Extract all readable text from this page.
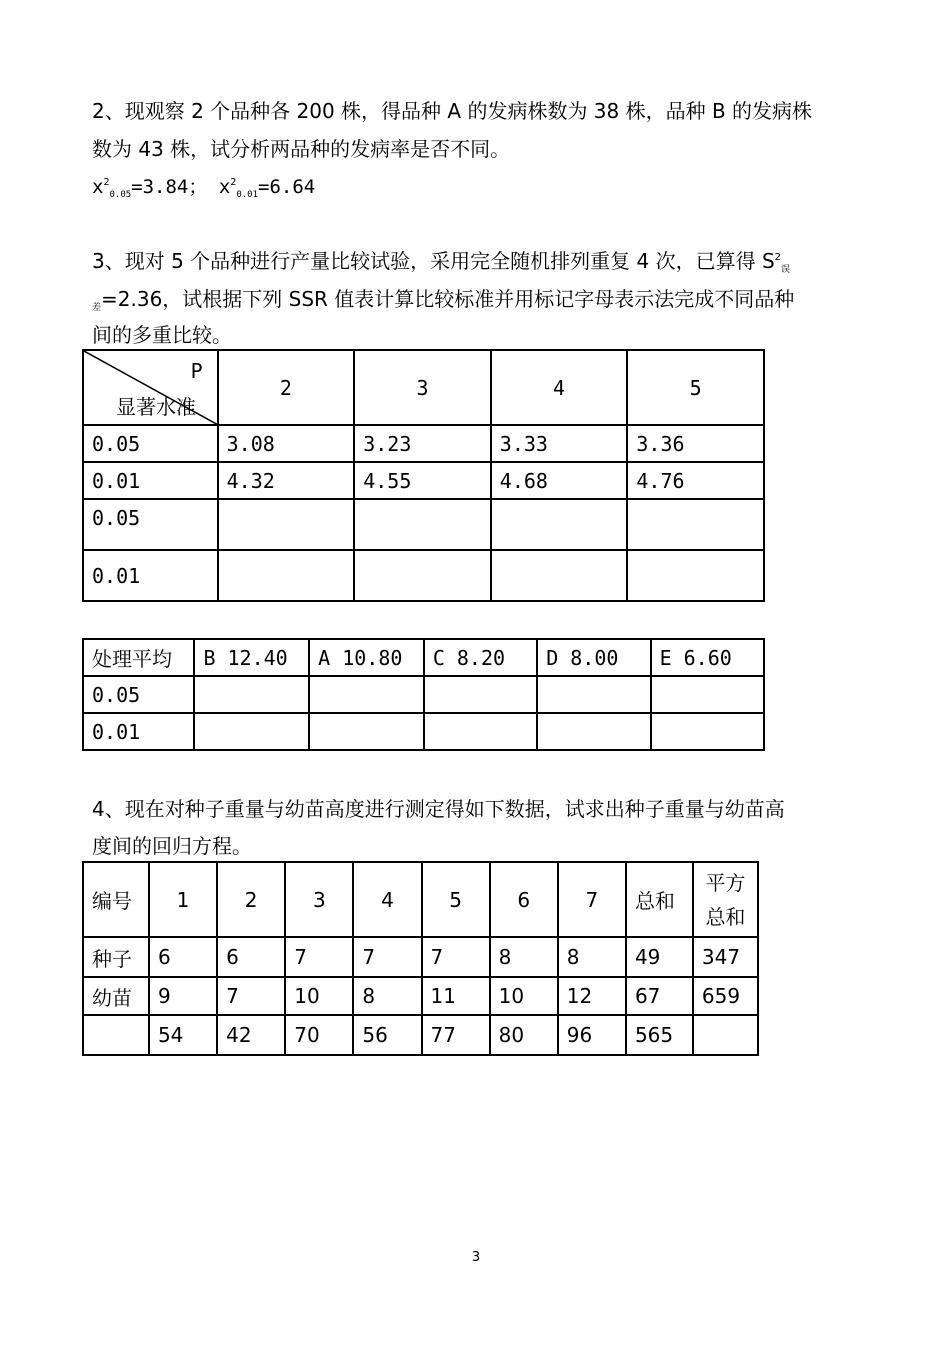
2、现观察 2 个品种各 200 株，得品种 A 的发病株数为 38 株，品种 B 的发病株

数为 43 株，试分析两品种的发病率是否不同。

$x^2_{0.05}=3.84$； $x^2_{0.01}=6.64$

3、现对 5 个品种进行产量比较试验，采用完全随机排列重复 4 次，已算得 $S^2_误$

$_差$=2.36，试根据下列 SSR 值表计算比较标准并用标记字母表示法完成不同品种

间的多重比较。

P
显著水准	2	3	4	5
0.05	3.08	3.23	3.33	3.36
0.01	4.32	4.55	4.68	4.76
0.05				
0.01				
处理平均	B 12.40	A 10.80	C 8.20	D 8.00	E 6.60
0.05					
0.01					

4、现在对种子重量与幼苗高度进行测定得如下数据，试求出种子重量与幼苗高

度间的回归方程。

编号	1	2	3	4	5	6	7	总和	平方
总和
种子	6	6	7	7	7	8	8	49	347
幼苗	9	7	10	8	11	10	12	67	659
	54	42	70	56	77	80	96	565	
3
